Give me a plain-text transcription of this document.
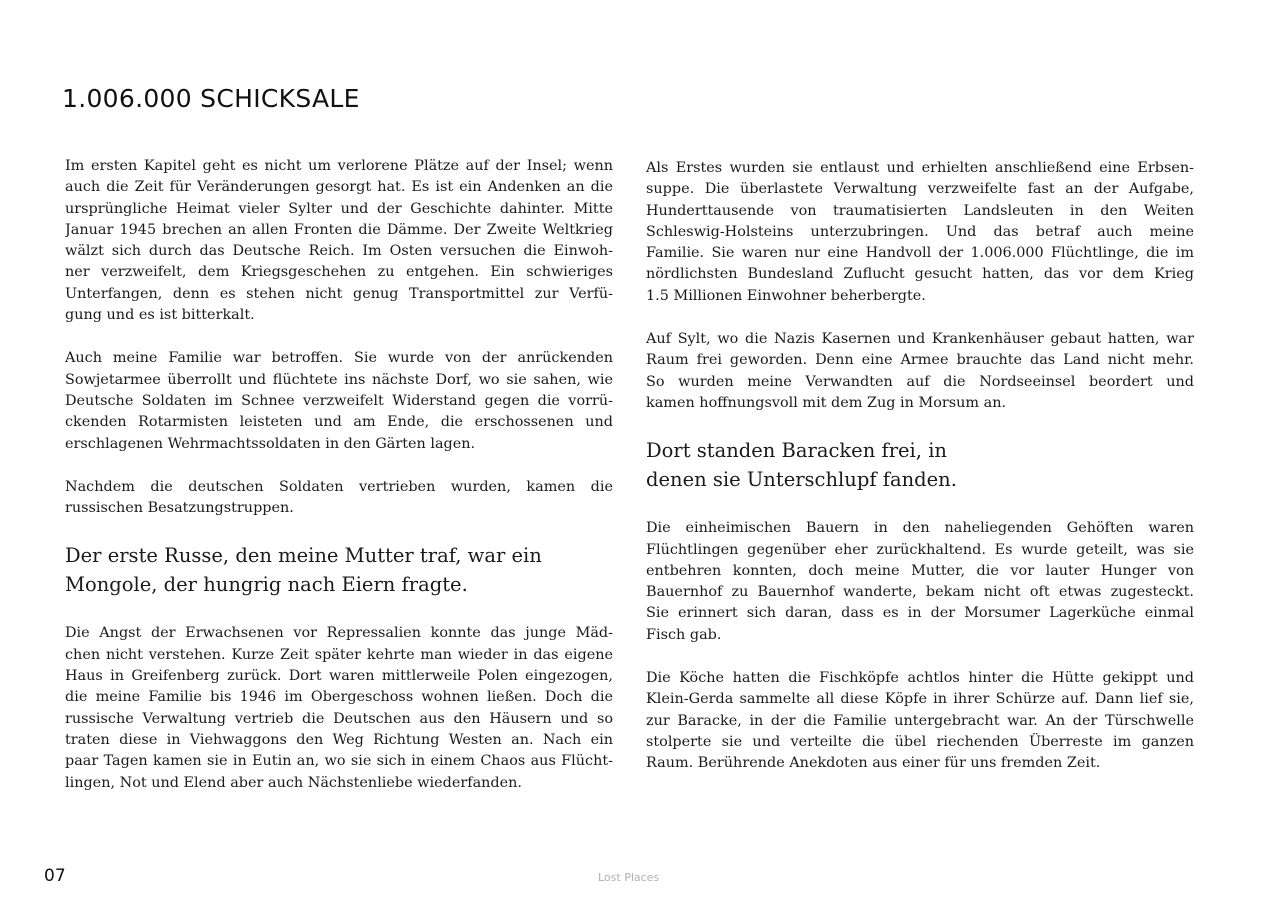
1.006.000 SCHICKSALE
Im ersten Kapitel geht es nicht um verlorene Plätze auf der Insel; wenn
auch die Zeit für Veränderungen gesorgt hat. Es ist ein Andenken an die
ursprüngliche Heimat vieler Sylter und der Geschichte dahinter. Mitte
Januar 1945 brechen an allen Fronten die Dämme. Der Zweite Weltkrieg
wälzt sich durch das Deutsche Reich. Im Osten versuchen die Einwoh-
ner verzweifelt, dem Kriegsgeschehen zu entgehen. Ein schwieriges
Unterfangen, denn es stehen nicht genug Transportmittel zur Verfü-
gung und es ist bitterkalt.
Auch meine Familie war betroffen. Sie wurde von der anrückenden
Sowjetarmee überrollt und flüchtete ins nächste Dorf, wo sie sahen, wie
Deutsche Soldaten im Schnee verzweifelt Widerstand gegen die vorrü-
ckenden Rotarmisten leisteten und am Ende, die erschossenen und
erschlagenen Wehrmachtssoldaten in den Gärten lagen.
Nachdem die deutschen Soldaten vertrieben wurden, kamen die
russischen Besatzungstruppen.
Der erste Russe, den meine Mutter traf, war ein
Mongole, der hungrig nach Eiern fragte.
Die Angst der Erwachsenen vor Repressalien konnte das junge Mäd-
chen nicht verstehen. Kurze Zeit später kehrte man wieder in das eigene
Haus in Greifenberg zurück. Dort waren mittlerweile Polen eingezogen,
die meine Familie bis 1946 im Obergeschoss wohnen ließen. Doch die
russische Verwaltung vertrieb die Deutschen aus den Häusern und so
traten diese in Viehwaggons den Weg Richtung Westen an. Nach ein
paar Tagen kamen sie in Eutin an, wo sie sich in einem Chaos aus Flücht-
lingen, Not und Elend aber auch Nächstenliebe wiederfanden.
Als Erstes wurden sie entlaust und erhielten anschließend eine Erbsen-
suppe. Die überlastete Verwaltung verzweifelte fast an der Aufgabe,
Hunderttausende von traumatisierten Landsleuten in den Weiten
Schleswig-Holsteins unterzubringen. Und das betraf auch meine
Familie. Sie waren nur eine Handvoll der 1.006.000 Flüchtlinge, die im
nördlichsten Bundesland Zuflucht gesucht hatten, das vor dem Krieg
1.5 Millionen Einwohner beherbergte.
Auf Sylt, wo die Nazis Kasernen und Krankenhäuser gebaut hatten, war
Raum frei geworden. Denn eine Armee brauchte das Land nicht mehr.
So wurden meine Verwandten auf die Nordseeinsel beordert und
kamen hoffnungsvoll mit dem Zug in Morsum an.
Dort standen Baracken frei, in
denen sie Unterschlupf fanden.
Die einheimischen Bauern in den naheliegenden Gehöften waren
Flüchtlingen gegenüber eher zurückhaltend. Es wurde geteilt, was sie
entbehren konnten, doch meine Mutter, die vor lauter Hunger von
Bauernhof zu Bauernhof wanderte, bekam nicht oft etwas zugesteckt.
Sie erinnert sich daran, dass es in der Morsumer Lagerküche einmal
Fisch gab.
Die Köche hatten die Fischköpfe achtlos hinter die Hütte gekippt und
Klein-Gerda sammelte all diese Köpfe in ihrer Schürze auf. Dann lief sie,
zur Baracke, in der die Familie untergebracht war. An der Türschwelle
stolperte sie und verteilte die übel riechenden Überreste im ganzen
Raum. Berührende Anekdoten aus einer für uns fremden Zeit.
07	Lost Places
